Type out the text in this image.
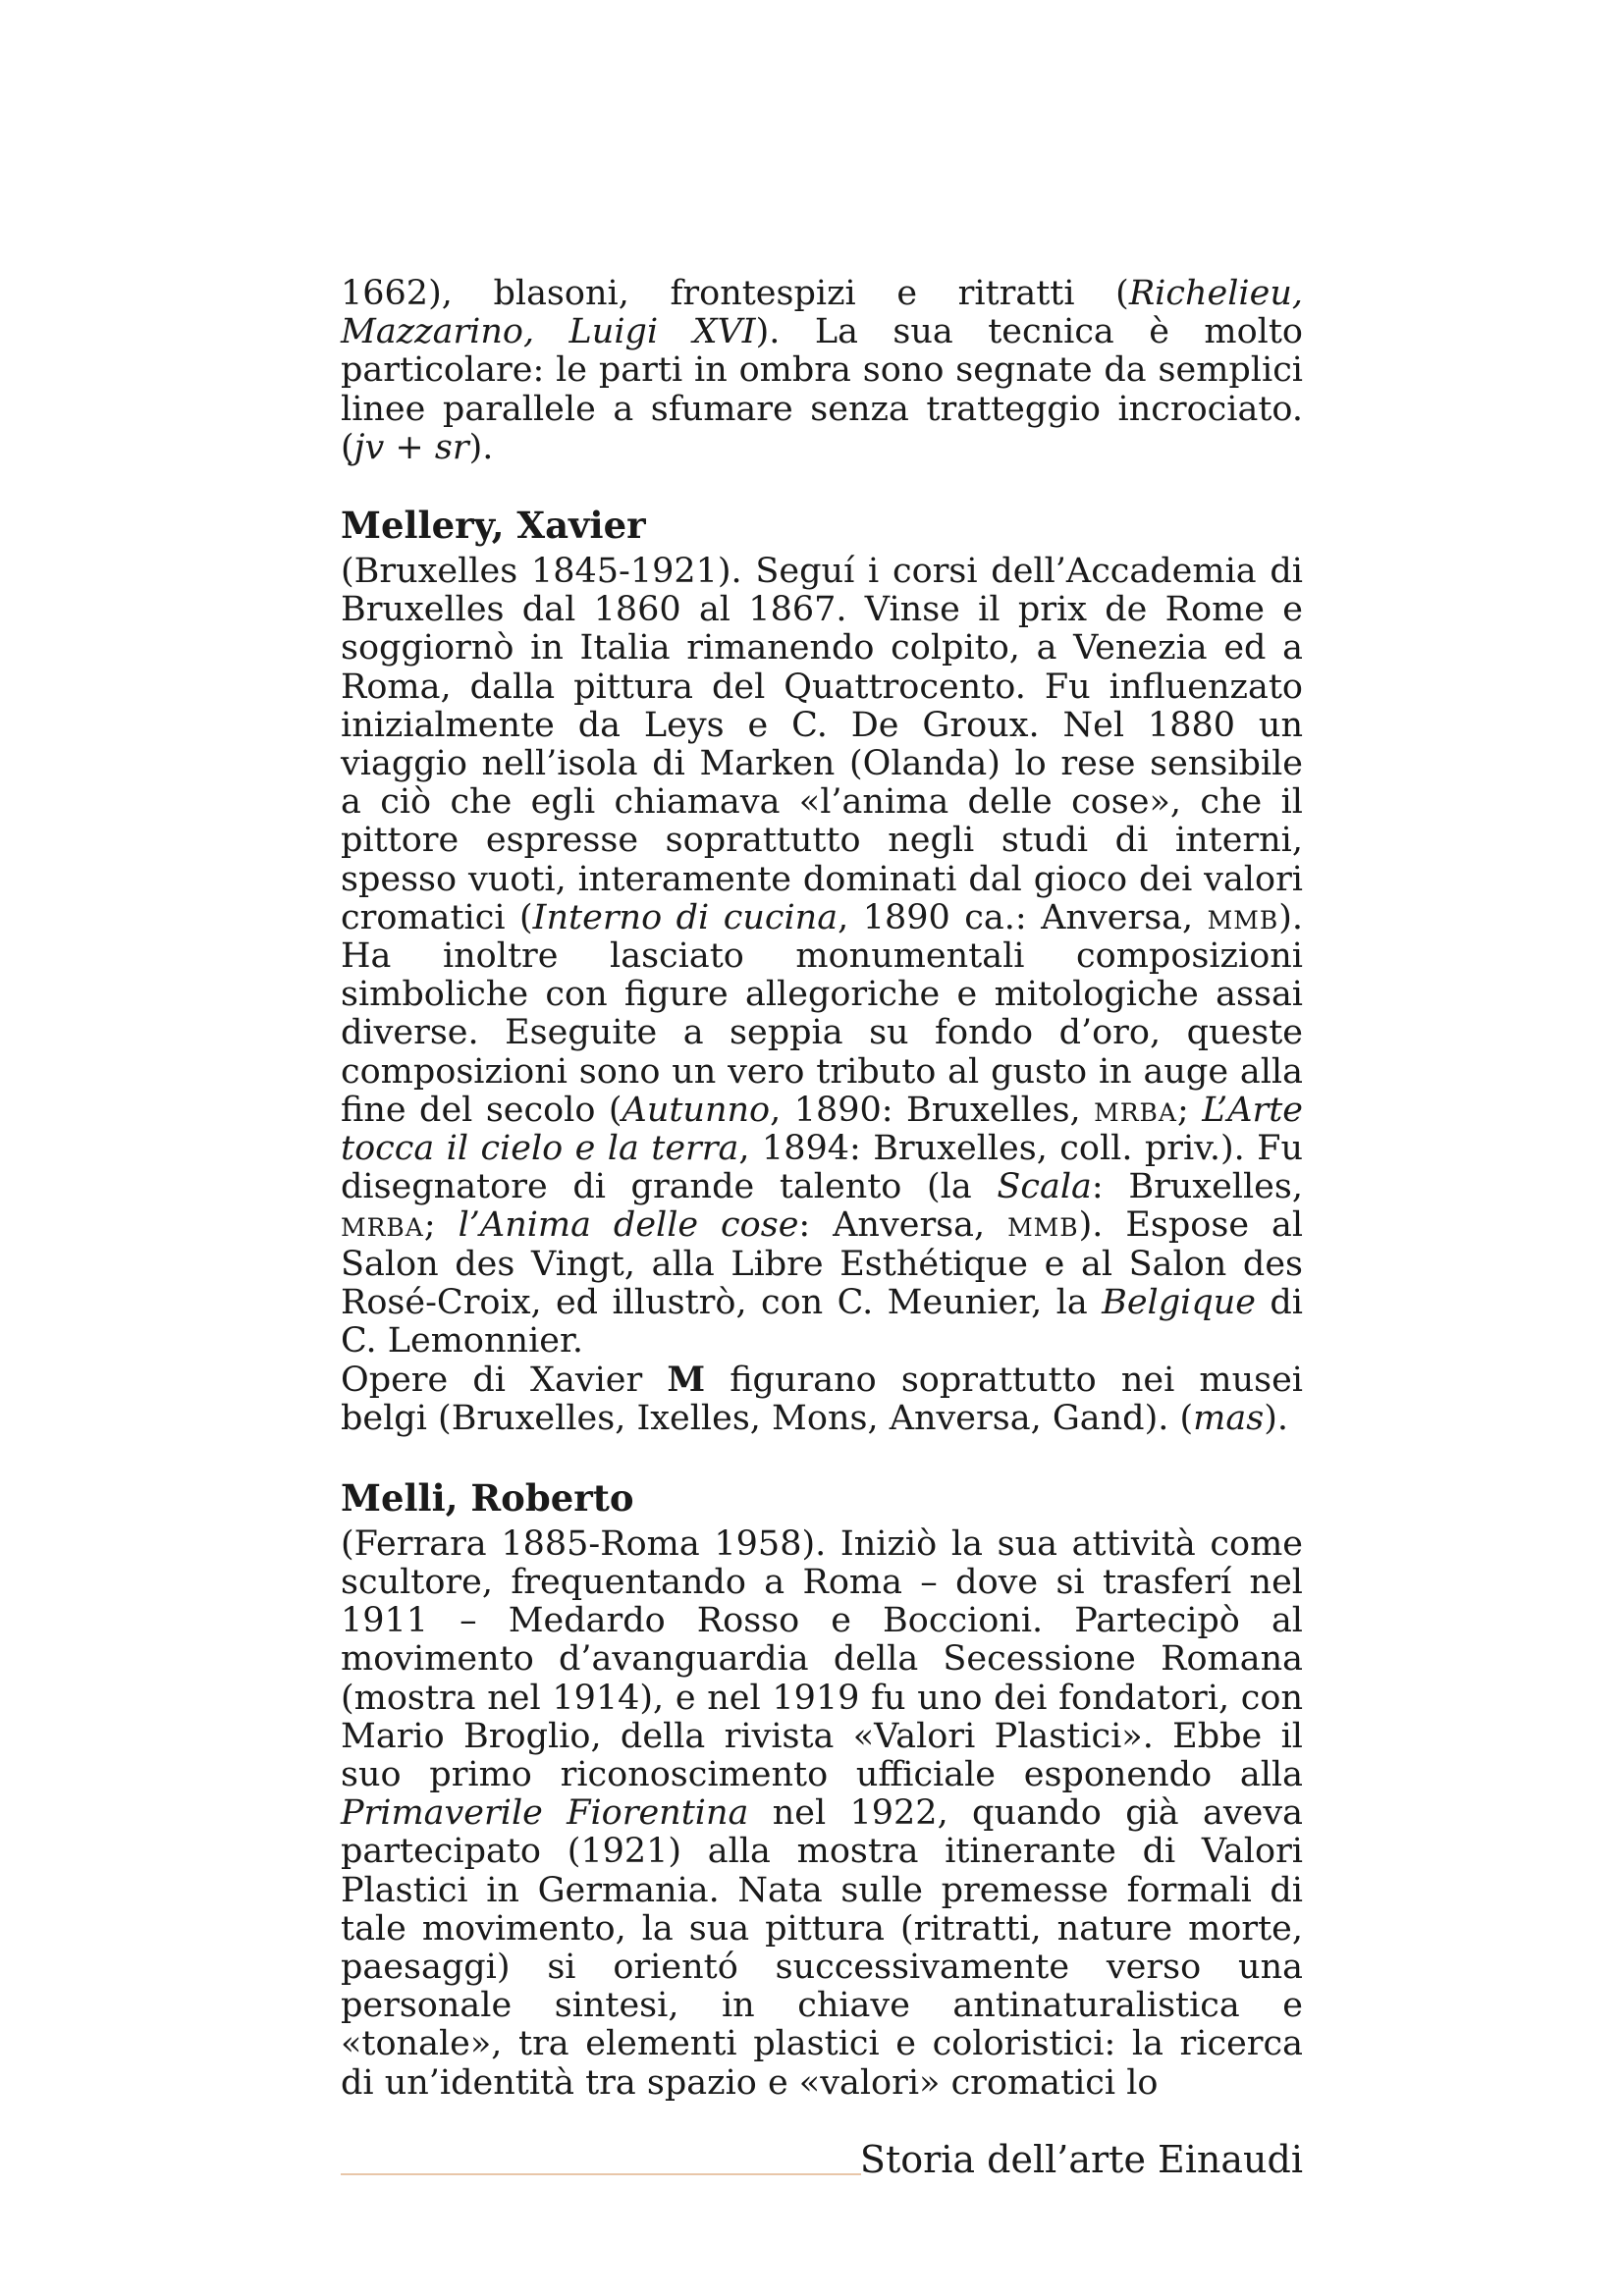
1662), blasoni, frontespizi e ritratti (Richelieu, Mazzarino, Luigi XVI). La sua tecnica è molto particolare: le parti in ombra sono segnate da semplici linee parallele a sfumare senza tratteggio incrociato. (jv + sr).

Mellery, Xavier

(Bruxelles 1845-1921). Seguí i corsi dell’Accademia di Bruxelles dal 1860 al 1867. Vinse il prix de Rome e soggiornò in Italia rimanendo colpito, a Venezia ed a Roma, dalla pittura del Quattrocento. Fu influenzato inizialmente da Leys e C. De Groux. Nel 1880 un viaggio nell’isola di Marken (Olanda) lo rese sensibile a ciò che egli chiamava «l’anima delle cose», che il pittore espresse soprattutto negli studi di interni, spesso vuoti, interamente dominati dal gioco dei valori cromatici (Interno di cucina, 1890 ca.: Anversa, mmb). Ha inoltre lasciato monumentali composizioni simboliche con figure allegoriche e mitologiche assai diverse. Eseguite a seppia su fondo d’oro, queste composizioni sono un vero tributo al gusto in auge alla fine del secolo (Autunno, 1890: Bruxelles, mrba; L’Arte tocca il cielo e la terra, 1894: Bruxelles, coll. priv.). Fu disegnatore di grande talento (la Scala: Bruxelles, mrba; l’Anima delle cose: Anversa, mmb). Espose al Salon des Vingt, alla Libre Esthétique e al Salon des Rosé-Croix, ed illustrò, con C. Meunier, la Belgique di C. Lemonnier.

Opere di Xavier M figurano soprattutto nei musei belgi (Bruxelles, Ixelles, Mons, Anversa, Gand). (mas).

Melli, Roberto

(Ferrara 1885-Roma 1958). Iniziò la sua attività come scultore, frequentando a Roma – dove si trasferí nel 1911 – Medardo Rosso e Boccioni. Partecipò al movimento d’avanguardia della Secessione Romana (mostra nel 1914), e nel 1919 fu uno dei fondatori, con Mario Broglio, della rivista «Valori Plastici». Ebbe il suo primo riconoscimento ufficiale esponendo alla Primaverile Fiorentina nel 1922, quando già aveva partecipato (1921) alla mostra itinerante di Valori Plastici in Germania. Nata sulle premesse formali di tale movimento, la sua pittura (ritratti, nature morte, paesaggi) si orientó successivamente verso una personale sintesi, in chiave antinaturalistica e «tonale», tra elementi plastici e coloristici: la ricerca di un’identità tra spazio e «valori» cromatici lo

Storia dell’arte Einaudi
